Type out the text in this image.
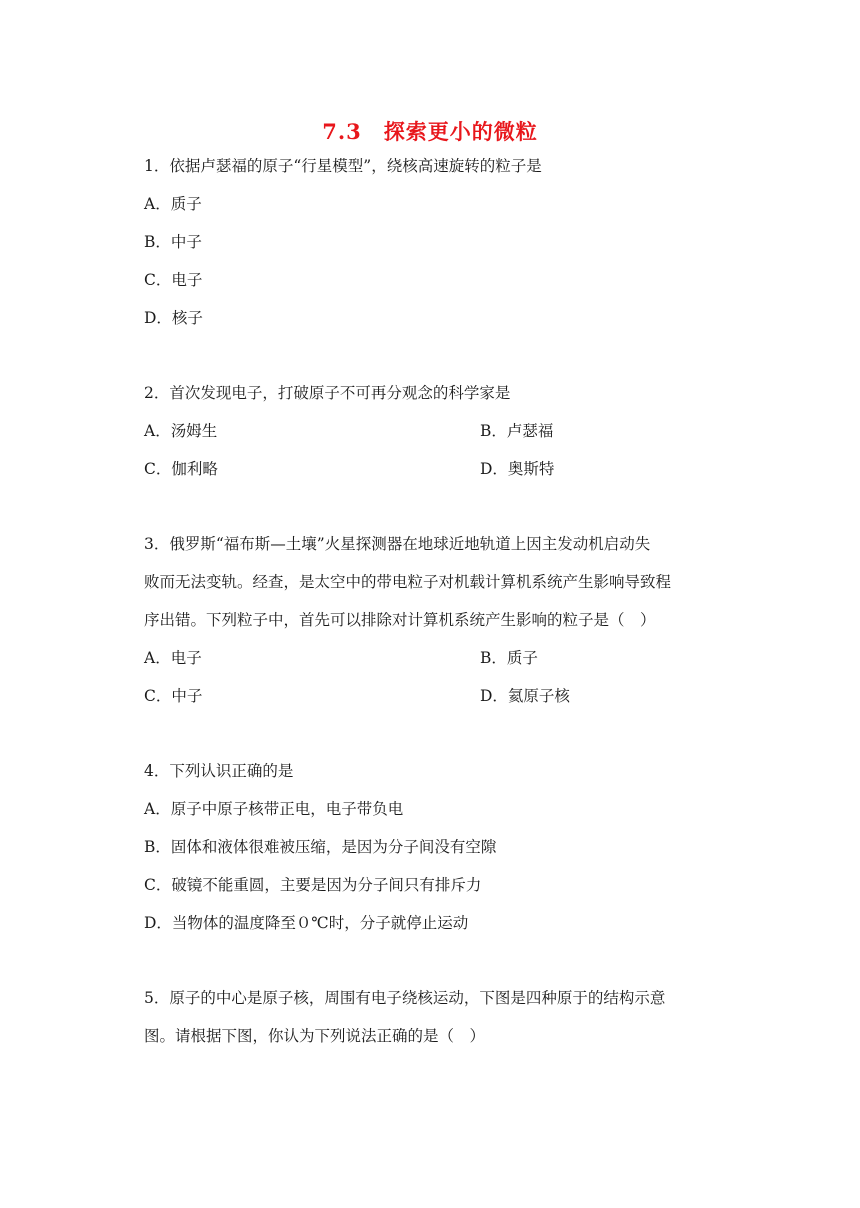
7.3　探索更小的微粒
1．依据卢瑟福的原子“行星模型”，绕核高速旋转的粒子是
A．质子
B．中子
C．电子
D．核子
2．首次发现电子，打破原子不可再分观念的科学家是
A．汤姆生	B．卢瑟福
C．伽利略	D．奥斯特
3．俄罗斯“福布斯—土壤”火星探测器在地球近地轨道上因主发动机启动失
败而无法变轨。经查，是太空中的带电粒子对机载计算机系统产生影响导致程
序出错。下列粒子中，首先可以排除对计算机系统产生影响的粒子是（　）
A．电子	B．质子
C．中子	D．氦原子核
4．下列认识正确的是
A．原子中原子核带正电，电子带负电
B．固体和液体很难被压缩，是因为分子间没有空隙
C．破镜不能重圆，主要是因为分子间只有排斥力
D．当物体的温度降至０℃时，分子就停止运动
5．原子的中心是原子核，周围有电子绕核运动，下图是四种原于的结构示意
图。请根据下图，你认为下列说法正确的是（　）
